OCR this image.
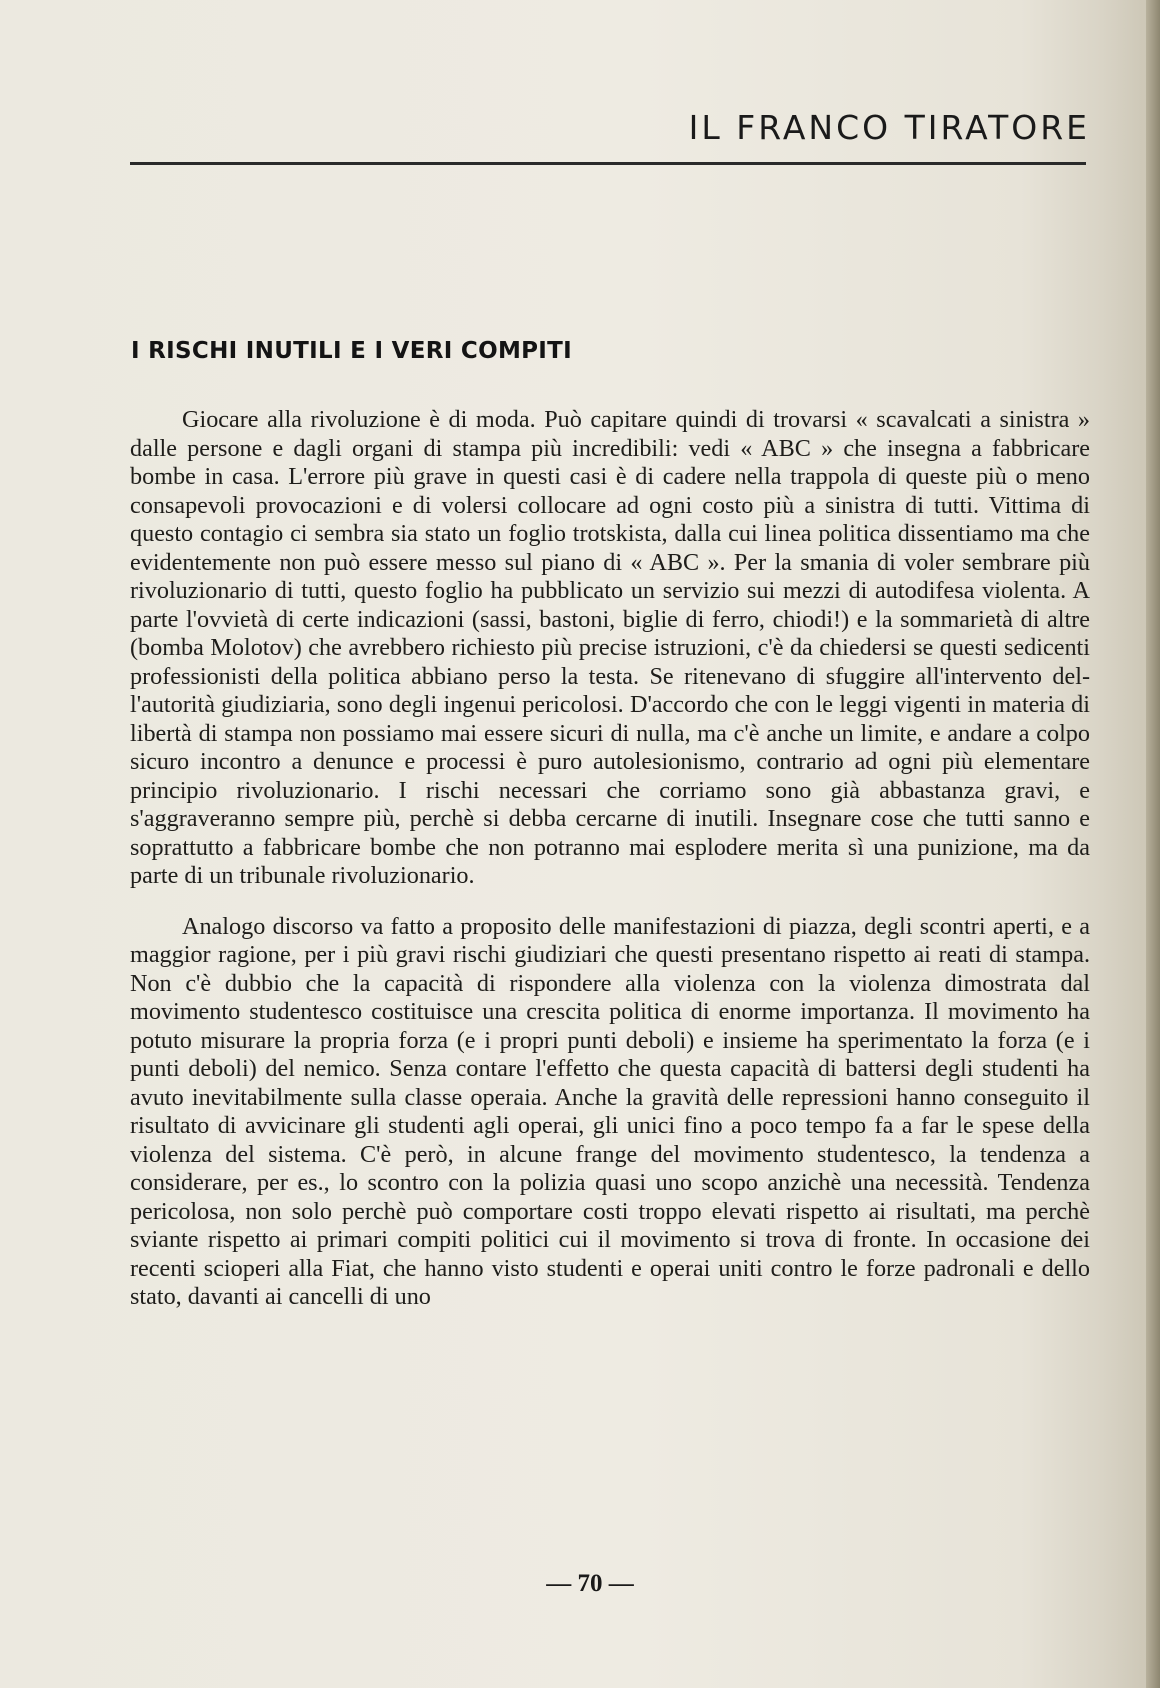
IL FRANCO TIRATORE
I RISCHI INUTILI E I VERI COMPITI

Giocare alla rivoluzione è di moda. Può capitare quindi di trovarsi « scavalcati a sinistra » dalle persone e dagli organi di stampa più incredibili: vedi « ABC » che insegna a fabbricare bombe in casa. L'errore più grave in questi casi è di cadere nella trappola di queste più o meno consapevoli provocazioni e di volersi collocare ad ogni costo più a sinistra di tutti. Vittima di questo contagio ci sembra sia stato un foglio trotskista, dalla cui linea politica dissentiamo ma che evidentemente non può essere messo sul piano di « ABC ». Per la smania di voler sembrare più rivoluzionario di tutti, questo foglio ha pubblicato un servizio sui mezzi di autodifesa violenta. A parte l'ovvietà di certe indicazioni (sassi, bastoni, biglie di ferro, chiodi!) e la sommarietà di altre (bomba Molotov) che avrebbero richiesto più precise istruzioni, c'è da chiedersi se questi sedicenti professionisti della politica abbiano perso la testa. Se ritenevano di sfuggire all'intervento dell'autorità giudiziaria, sono degli ingenui pericolosi. D'accordo che con le leggi vigenti in materia di libertà di stampa non possiamo mai essere sicuri di nulla, ma c'è anche un limite, e andare a colpo sicuro incontro a denunce e processi è puro autolesionismo, contrario ad ogni più elementare principio rivoluzionario. I rischi necessari che corriamo sono già abbastanza gravi, e s'aggraveranno sempre più, perchè si debba cercarne di inutili. Insegnare cose che tutti sanno e soprattutto a fabbricare bombe che non potranno mai esplodere merita sì una punizione, ma da parte di un tribunale rivoluzionario.

Analogo discorso va fatto a proposito delle manifestazioni di piazza, degli scontri aperti, e a maggior ragione, per i più gravi rischi giudiziari che questi presentano rispetto ai reati di stampa. Non c'è dubbio che la capacità di rispondere alla violenza con la violenza dimostrata dal movimento studentesco costituisce una crescita politica di enorme importanza. Il movimento ha potuto misurare la propria forza (e i propri punti deboli) e insieme ha sperimentato la forza (e i punti deboli) del nemico. Senza contare l'effetto che questa capacità di battersi degli studenti ha avuto inevitabilmente sulla classe operaia. Anche la gravità delle repressioni hanno conseguito il risultato di avvicinare gli studenti agli operai, gli unici fino a poco tempo fa a far le spese della violenza del sistema. C'è però, in alcune frange del movimento studentesco, la tendenza a considerare, per es., lo scontro con la polizia quasi uno scopo anzichè una necessità. Tendenza pericolosa, non solo perchè può comportare costi troppo elevati rispetto ai risultati, ma perchè sviante rispetto ai primari compiti politici cui il movimento si trova di fronte. In occasione dei recenti scioperi alla Fiat, che hanno visto studenti e operai uniti contro le forze padronali e dello stato, davanti ai cancelli di uno

— 70 —
